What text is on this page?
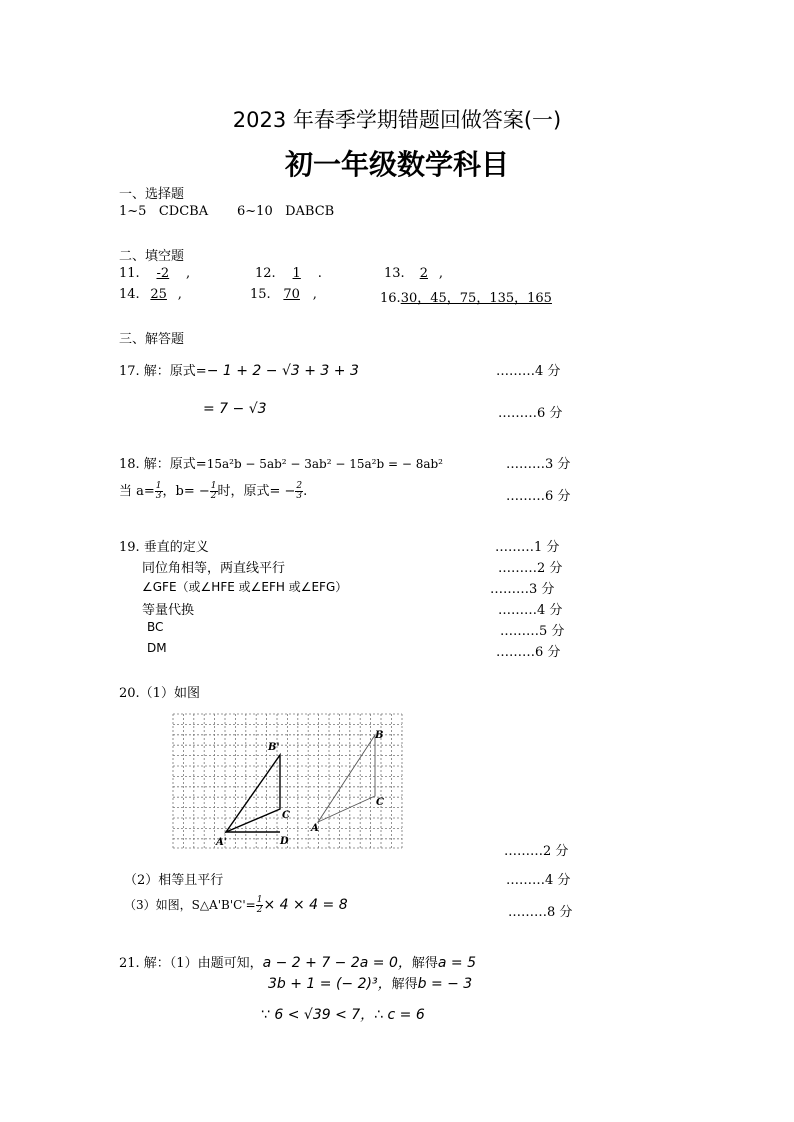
2023 年春季学期错题回做答案(一)
初一年级数学科目
一、选择题
1~5   CDCBA       6~10   DABCB
二、填空题
11. -2 ,	12. 1 .	13. 2 ,
14. 25 ,	15. 70 ,	16.30，45，75，135，165
三、解答题
17. 解：原式=− 1 + 2 − √3 + 3 + 3	………4 分
= 7 − √3	………6 分
18. 解：原式=15a²b − 5ab² − 3ab² − 15a²b = − 8ab²	………3 分
当 $a= \frac{1}{3}$ ，$b= - \frac{1}{2}$ 时，原式= − $\frac{2}{3}$ .	………6 分
19. 垂直的定义	………1 分
同位角相等，两直线平行	………2 分
∠GFE（或∠HFE 或∠EFH 或∠EFG）	………3 分
等量代换	………4 分
BC	………5 分
DM	………6 分
20.（1）如图
B'
C
A'	D
B
C
A
………2 分
（2）相等且平行	………4 分
（3）如图，S△A'B'C'= $\frac{1}{2} \times 4 \times 4 = 8$	………8 分
21. 解：（1）由题可知，a − 2 + 7 − 2a = 0，解得a = 5
3b + 1 = (− 2)³，解得b = − 3
∵ 6 < √39 < 7，∴ c = 6
